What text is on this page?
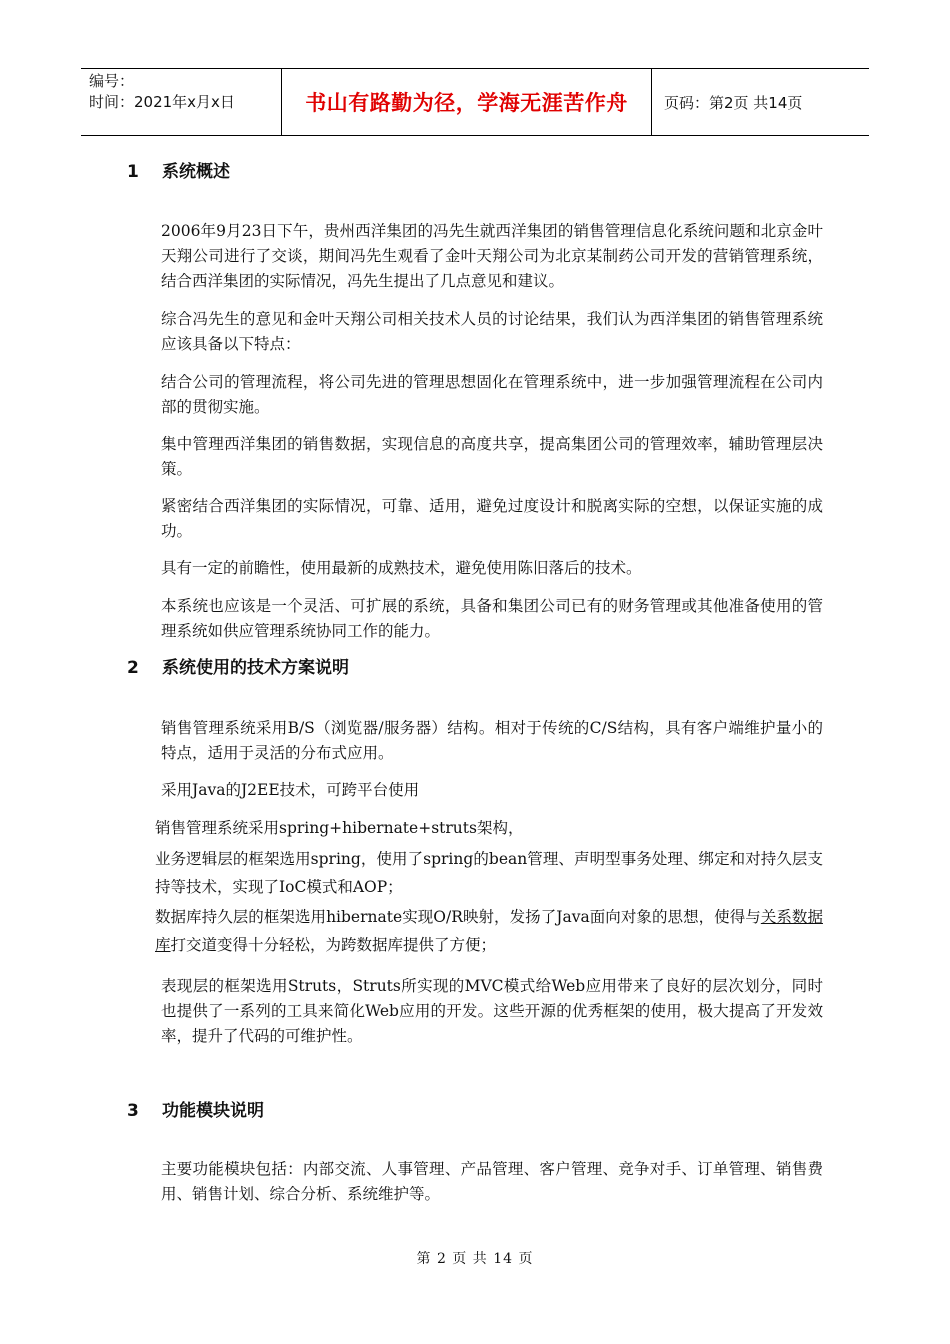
编号：
时间：2021年x月x日	书山有路勤为径，学海无涯苦作舟	页码：第2页 共14页
1 系统概述

2006年9月23日下午，贵州西洋集团的冯先生就西洋集团的销售管理信息化系统问题和北京金叶天翔公司进行了交谈，期间冯先生观看了金叶天翔公司为北京某制药公司开发的营销管理系统，结合西洋集团的实际情况，冯先生提出了几点意见和建议。

综合冯先生的意见和金叶天翔公司相关技术人员的讨论结果，我们认为西洋集团的销售管理系统应该具备以下特点：

结合公司的管理流程，将公司先进的管理思想固化在管理系统中，进一步加强管理流程在公司内部的贯彻实施。

集中管理西洋集团的销售数据，实现信息的高度共享，提高集团公司的管理效率，辅助管理层决策。

紧密结合西洋集团的实际情况，可靠、适用，避免过度设计和脱离实际的空想，以保证实施的成功。

具有一定的前瞻性，使用最新的成熟技术，避免使用陈旧落后的技术。

本系统也应该是一个灵活、可扩展的系统，具备和集团公司已有的财务管理或其他准备使用的管理系统如供应管理系统协同工作的能力。

2 系统使用的技术方案说明

销售管理系统采用B/S（浏览器/服务器）结构。相对于传统的C/S结构，具有客户端维护量小的特点，适用于灵活的分布式应用。

采用Java的J2EE技术，可跨平台使用

销售管理系统采用spring+hibernate+struts架构，

业务逻辑层的框架选用spring，使用了spring的bean管理、声明型事务处理、绑定和对持久层支持等技术，实现了IoC模式和AOP；

数据库持久层的框架选用hibernate实现O/R映射，发扬了Java面向对象的思想，使得与关系数据库打交道变得十分轻松，为跨数据库提供了方便；

表现层的框架选用Struts，Struts所实现的MVC模式给Web应用带来了良好的层次划分，同时也提供了一系列的工具来简化Web应用的开发。这些开源的优秀框架的使用，极大提高了开发效率，提升了代码的可维护性。

3 功能模块说明

主要功能模块包括：内部交流、人事管理、产品管理、客户管理、竞争对手、订单管理、销售费用、销售计划、综合分析、系统维护等。

第 2 页 共 14 页
